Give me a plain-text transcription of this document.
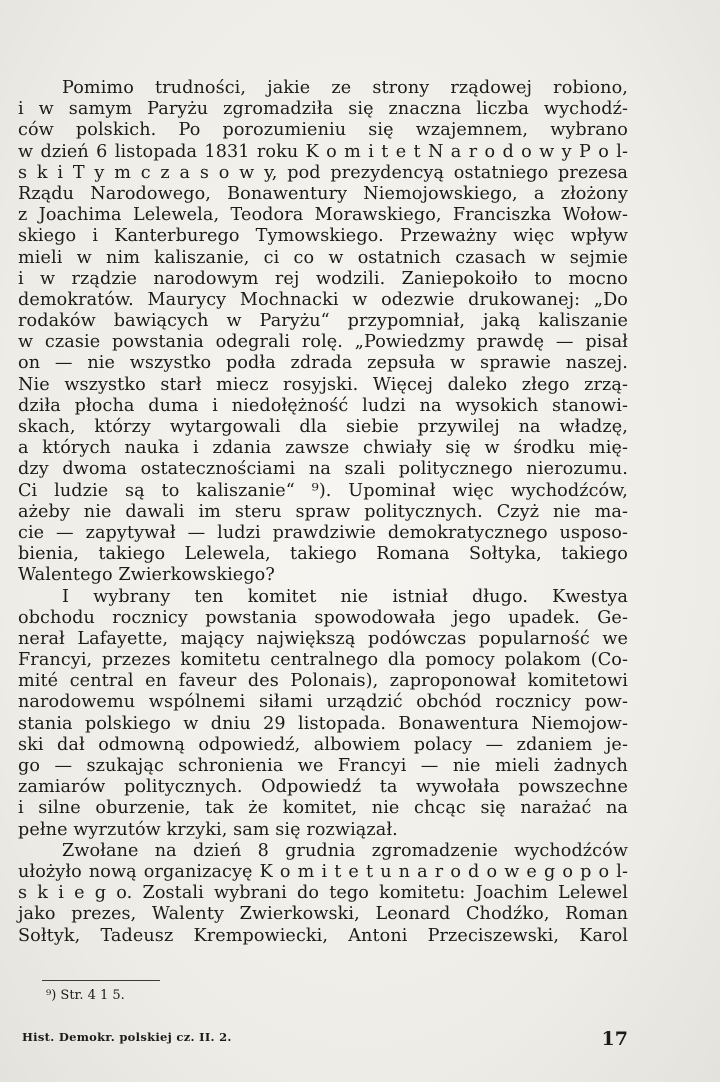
Pomimo trudności, jakie ze strony rządowej robiono,
i w samym Paryżu zgromadziła się znaczna liczba wychodź-
ców polskich. Po porozumieniu się wzajemnem, wybrano
w dzień 6 listopada 1831 roku K o m i t e t N a r o d o w y P o l-
s k i T y m c z a s o w y, pod prezydencyą ostatniego prezesa
Rządu Narodowego, Bonawentury Niemojowskiego, a złożony
z Joachima Lelewela, Teodora Morawskiego, Franciszka Wołow-
skiego i Kanterburego Tymowskiego. Przeważny więc wpływ
mieli w nim kaliszanie, ci co w ostatnich czasach w sejmie
i w rządzie narodowym rej wodzili. Zaniepokoiło to mocno
demokratów. Maurycy Mochnacki w odezwie drukowanej: „Do
rodaków bawiących w Paryżu“ przypomniał, jaką kaliszanie
w czasie powstania odegrali rolę. „Powiedzmy prawdę — pisał
on — nie wszystko podła zdrada zepsuła w sprawie naszej.
Nie wszystko starł miecz rosyjski. Więcej daleko złego zrzą-
dziła płocha duma i niedołężność ludzi na wysokich stanowi-
skach, którzy wytargowali dla siebie przywilej na władzę,
a których nauka i zdania zawsze chwiały się w środku mię-
dzy dwoma ostatecznościami na szali politycznego nierozumu.
Ci ludzie są to kaliszanie“ ⁹). Upominał więc wychodźców,
ażeby nie dawali im steru spraw politycznych. Czyż nie ma-
cie — zapytywał — ludzi prawdziwie demokratycznego usposo-
bienia, takiego Lelewela, takiego Romana Sołtyka, takiego
Walentego Zwierkowskiego?
I wybrany ten komitet nie istniał długo. Kwestya
obchodu rocznicy powstania spowodowała jego upadek. Ge-
nerał Lafayette, mający największą podówczas popularność we
Francyi, przezes komitetu centralnego dla pomocy polakom (Co-
mité central en faveur des Polonais), zaproponował komitetowi
narodowemu wspólnemi siłami urządzić obchód rocznicy pow-
stania polskiego w dniu 29 listopada. Bonawentura Niemojow-
ski dał odmowną odpowiedź, albowiem polacy — zdaniem je-
go — szukając schronienia we Francyi — nie mieli żadnych
zamiarów politycznych. Odpowiedź ta wywołała powszechne
i silne oburzenie, tak że komitet, nie chcąc się narażać na
pełne wyrzutów krzyki, sam się rozwiązał.
Zwołane na dzień 8 grudnia zgromadzenie wychodźców
ułożyło nową organizacyę K o m i t e t u n a r o d o w e g o p o l-
s k i e g o. Zostali wybrani do tego komitetu: Joachim Lelewel
jako prezes, Walenty Zwierkowski, Leonard Chodźko, Roman
Sołtyk, Tadeusz Krempowiecki, Antoni Przeciszewski, Karol
⁹) Str. 4 1 5.
Hist. Demokr. polskiej cz. II. 2.	17
